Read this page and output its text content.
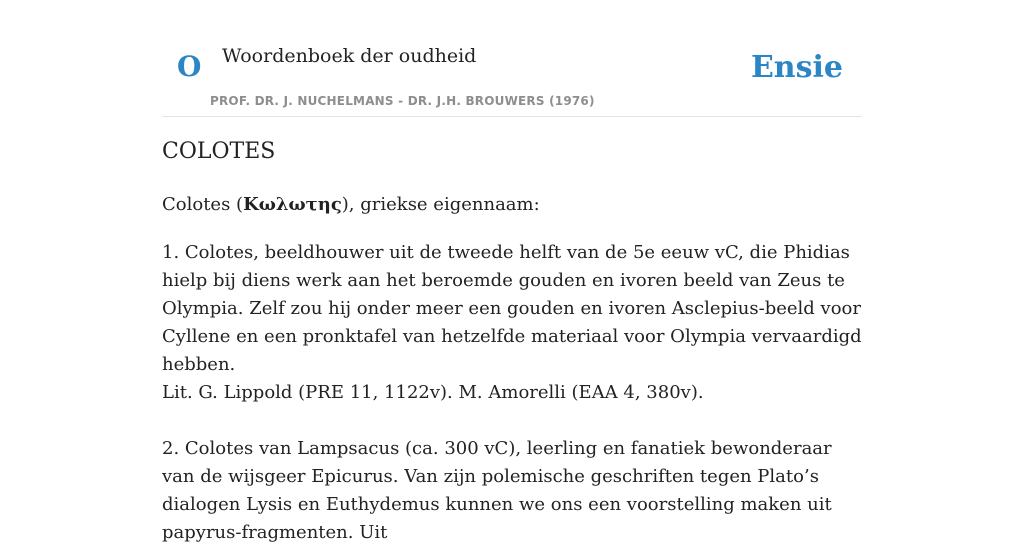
O Woordenboek der oudheid
PROF. DR. J. NUCHELMANS - DR. J.H. BROUWERS (1976)
Ensie
COLOTES
Colotes (Κωλωτης), griekse eigennaam:

1. Colotes, beeldhouwer uit de tweede helft van de 5e eeuw vC, die Phidias hielp bij diens werk aan het beroemde gouden en ivoren beeld van Zeus te Olympia. Zelf zou hij onder meer een gouden en ivoren Asclepius-beeld voor Cyllene en een pronktafel van hetzelfde materiaal voor Olympia vervaardigd hebben.

Lit. G. Lippold (PRE 11, 1122v). M. Amorelli (EAA 4, 380v).

2. Colotes van Lampsacus (ca. 300 vC), leerling en fanatiek bewonderaar van de wijsgeer Epicurus. Van zijn polemische geschriften tegen Plato’s dialogen Lysis en Euthydemus kunnen we ons een voorstelling maken uit papyrus-fragmenten. Uit
